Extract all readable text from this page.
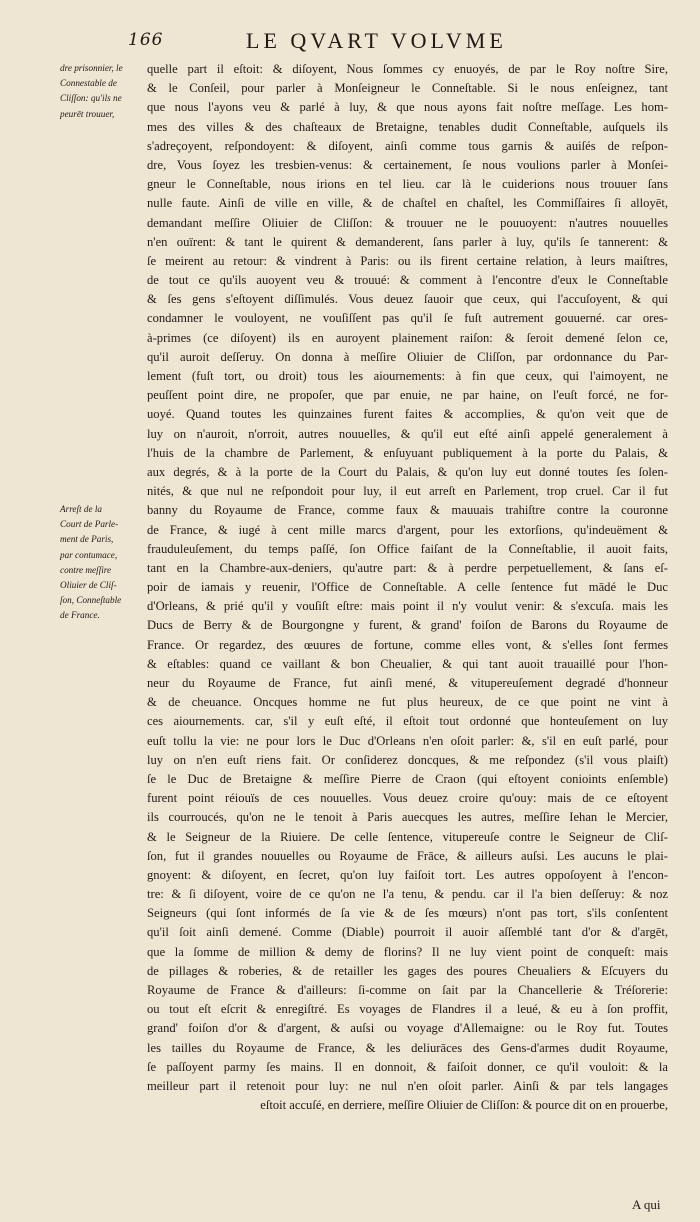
166	LE QVART VOLVME
dre prisonnier, le
Connestable de
Cliſſon: qu'ils ne
peurēt trouuer,
Arreſt de la
Court de Parle-
ment de Paris,
par contumace,
contre meſſire
Oliuier de Cliſ-
ſon, Conneſtable
de France.
quelle part il eſtoit: & diſoyent, Nous ſommes cy enuoyés, de par le Roy noſtre Sire,
& le Conſeil, pour parler à Monſeigneur le Conneſtable. Si le nous enſeignez, tant
que nous l'ayons veu & parlé à luy, & que nous ayons fait noſtre meſſage. Les hom-
mes des villes & des chaſteaux de Bretaigne, tenables dudit Conneſtable, auſquels ils
s'adreçoyent, reſpondoyent: & diſoyent, ainſi comme tous garnis & auiſés de reſpon-
dre, Vous ſoyez les tresbien-venus: & certainement, ſe nous voulions parler à Monſei-
gneur le Conneſtable, nous irions en tel lieu. car là le cuiderions nous trouuer ſans
nulle faute. Ainſi de ville en ville, & de chaſtel en chaſtel, les Commiſſaires ſi alloyēt,
demandant meſſire Oliuier de Cliſſon: & trouuer ne le pouuoyent: n'autres nouuelles
n'en ouïrent: & tant le quirent & demanderent, ſans parler à luy, qu'ils ſe tannerent: &
ſe meirent au retour: & vindrent à Paris: ou ils firent certaine relation, à leurs maiſtres,
de tout ce qu'ils auoyent veu & trouué: & comment à l'encontre d'eux le Conneſtable
& ſes gens s'eſtoyent diſſimulés. Vous deuez ſauoir que ceux, qui l'accuſoyent, & qui
condamner le vouloyent, ne vouſiſſent pas qu'il ſe fuſt autrement gouuerné. car ores-
à-primes (ce diſoyent) ils en auroyent plainement raiſon: & ſeroit demené ſelon ce,
qu'il auroit deſſeruy. On donna à meſſire Oliuier de Cliſſon, par ordonnance du Par-
lement (fuſt tort, ou droit) tous les aiournements: à fin que ceux, qui l'aimoyent, ne
peuſſent point dire, ne propoſer, que par enuie, ne par haine, on l'euſt forcé, ne for-
uoyé. Quand toutes les quinzaines furent faites & accomplies, & qu'on veit que de
luy on n'auroit, n'orroit, autres nouuelles, & qu'il eut eſté ainſi appelé generalement à
l'huis de la chambre de Parlement, & enſuyuant publiquement à la porte du Palais, &
aux degrés, & à la porte de la Court du Palais, & qu'on luy eut donné toutes ſes ſolen-
nités, & que nul ne reſpondoit pour luy, il eut arreſt en Parlement, trop cruel. Car il fut
banny du Royaume de France, comme faux & mauuais trahiſtre contre la couronne
de France, & iugé à cent mille marcs d'argent, pour les extorſions, qu'indeuëment &
frauduleuſement, du temps paſſé, ſon Office faiſant de la Conneſtablie, il auoit faits,
tant en la Chambre-aux-deniers, qu'autre part: & à perdre perpetuellement, & ſans eſ-
poir de iamais y reuenir, l'Office de Conneſtable. A celle ſentence fut mādé le Duc
d'Orleans, & prié qu'il y vouſiſt eſtre: mais point il n'y voulut venir: & s'excuſa. mais les
Ducs de Berry & de Bourgongne y furent, & grand' foiſon de Barons du Royaume de
France. Or regardez, des œuures de fortune, comme elles vont, & s'elles ſont fermes
& eſtables: quand ce vaillant & bon Cheualier, & qui tant auoit trauaillé pour l'hon-
neur du Royaume de France, fut ainſi mené, & vitupereuſement degradé d'honneur
& de cheuance. Oncques homme ne fut plus heureux, de ce que point ne vint à
ces aiournements. car, s'il y euſt eſté, il eſtoit tout ordonné que honteuſement on luy
euſt tollu la vie: ne pour lors le Duc d'Orleans n'en oſoit parler: &, s'il en euſt parlé, pour
luy on n'en euſt riens fait. Or conſiderez doncques, & me reſpondez (s'il vous plaiſt)
ſe le Duc de Bretaigne & meſſire Pierre de Craon (qui eſtoyent conioints enſemble)
furent point réiouïs de ces nouuelles. Vous deuez croire qu'ouy: mais de ce eſtoyent
ils courroucés, qu'on ne le tenoit à Paris auecques les autres, meſſire Iehan le Mercier,
& le Seigneur de la Riuiere. De celle ſentence, vitupereuſe contre le Seigneur de Cliſ-
ſon, fut il grandes nouuelles ou Royaume de Frāce, & ailleurs auſsi. Les aucuns le plai-
gnoyent: & diſoyent, en ſecret, qu'on luy faiſoit tort. Les autres oppoſoyent à l'encon-
tre: & ſi diſoyent, voire de ce qu'on ne l'a tenu, & pendu. car il l'a bien deſſeruy: & noz
Seigneurs (qui ſont informés de ſa vie & de ſes mœurs) n'ont pas tort, s'ils conſentent
qu'il ſoit ainſi demené. Comme (Diable) pourroit il auoir aſſemblé tant d'or & d'argēt,
que la ſomme de million & demy de florins? Il ne luy vient point de conqueſt: mais
de pillages & roberies, & de retailler les gages des poures Cheualiers & Eſcuyers du
Royaume de France & d'ailleurs: ſi-comme on ſait par la Chancellerie & Tréſorerie:
ou tout eſt eſcrit & enregiſtré. Es voyages de Flandres il a leué, & eu à ſon proffit,
grand' foiſon d'or & d'argent, & auſsi ou voyage d'Allemaigne: ou le Roy fut. Toutes
les tailles du Royaume de France, & les deliurāces des Gens-d'armes dudit Royaume,
ſe paſſoyent parmy ſes mains. Il en donnoit, & faiſoit donner, ce qu'il vouloit: & la
meilleur part il retenoit pour luy: ne nul n'en oſoit parler. Ainſi & par tels langages
eſtoit accuſé, en derriere, meſſire Oliuier de Cliſſon: & pource dit on en prouerbe,
A qui
